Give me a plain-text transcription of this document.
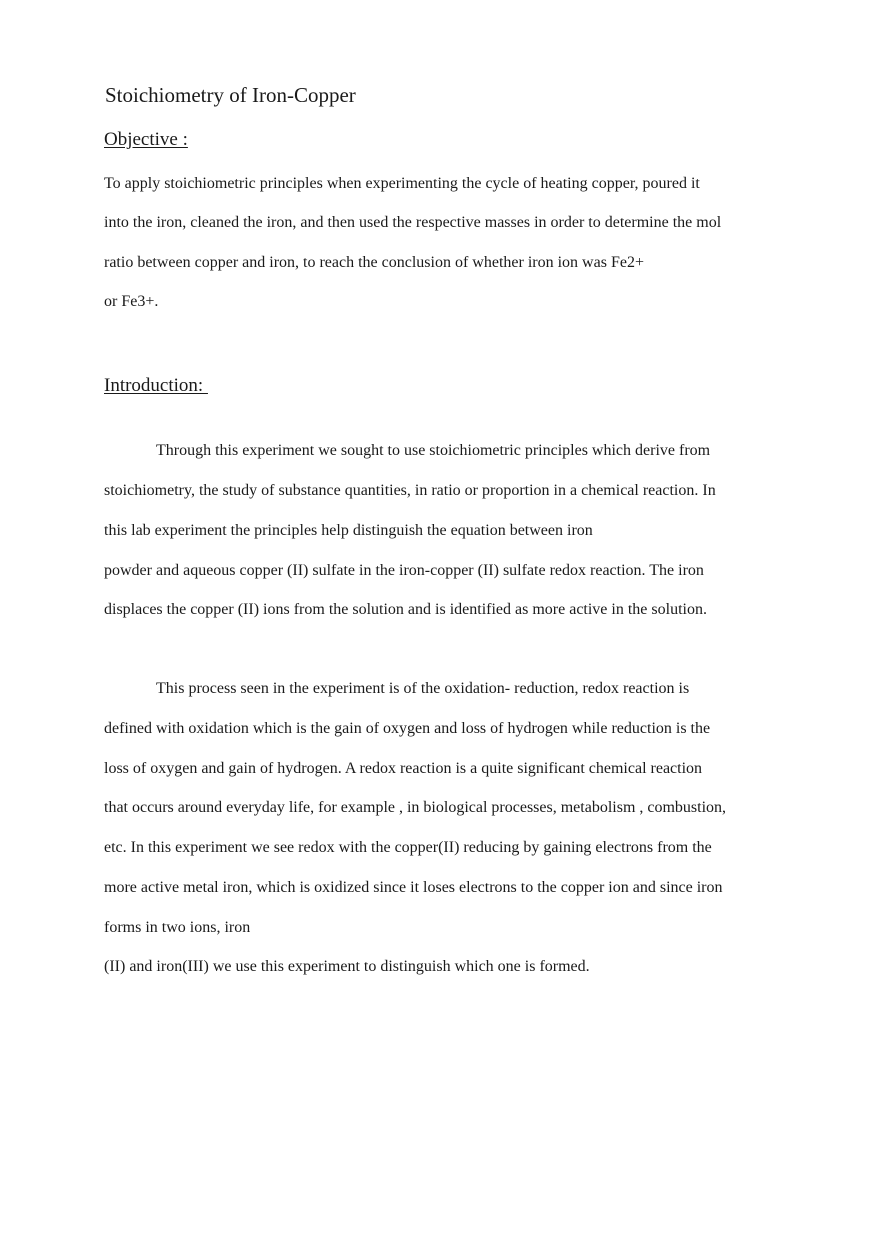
Stoichiometry of Iron-Copper
Objective :
To apply stoichiometric principles when experimenting the cycle of heating copper, poured it
into the iron, cleaned the iron, and then used the respective masses in order to determine the mol
ratio between copper and iron, to reach the conclusion of whether iron ion was Fe2+
or Fe3+.
Introduction:
Through this experiment we sought to use stoichiometric principles which derive from
stoichiometry, the study of substance quantities, in ratio or proportion in a chemical reaction. In
this lab experiment the principles help distinguish the equation between iron
powder and aqueous copper (II) sulfate in the iron-copper (II) sulfate redox reaction. The iron
displaces the copper (II) ions from the solution and is identified as more active in the solution.
This process seen in the experiment is of the oxidation- reduction, redox reaction is
defined with oxidation which is the gain of oxygen and loss of hydrogen while reduction is the
loss of oxygen and gain of hydrogen. A redox reaction is a quite significant chemical reaction
that occurs around everyday life, for example , in biological processes, metabolism , combustion,
etc. In this experiment we see redox with the copper(II) reducing by gaining electrons from the
more active metal iron, which is oxidized since it loses electrons to the copper ion and since iron
forms in two ions, iron
(II) and iron(III) we use this experiment to distinguish which one is formed.
